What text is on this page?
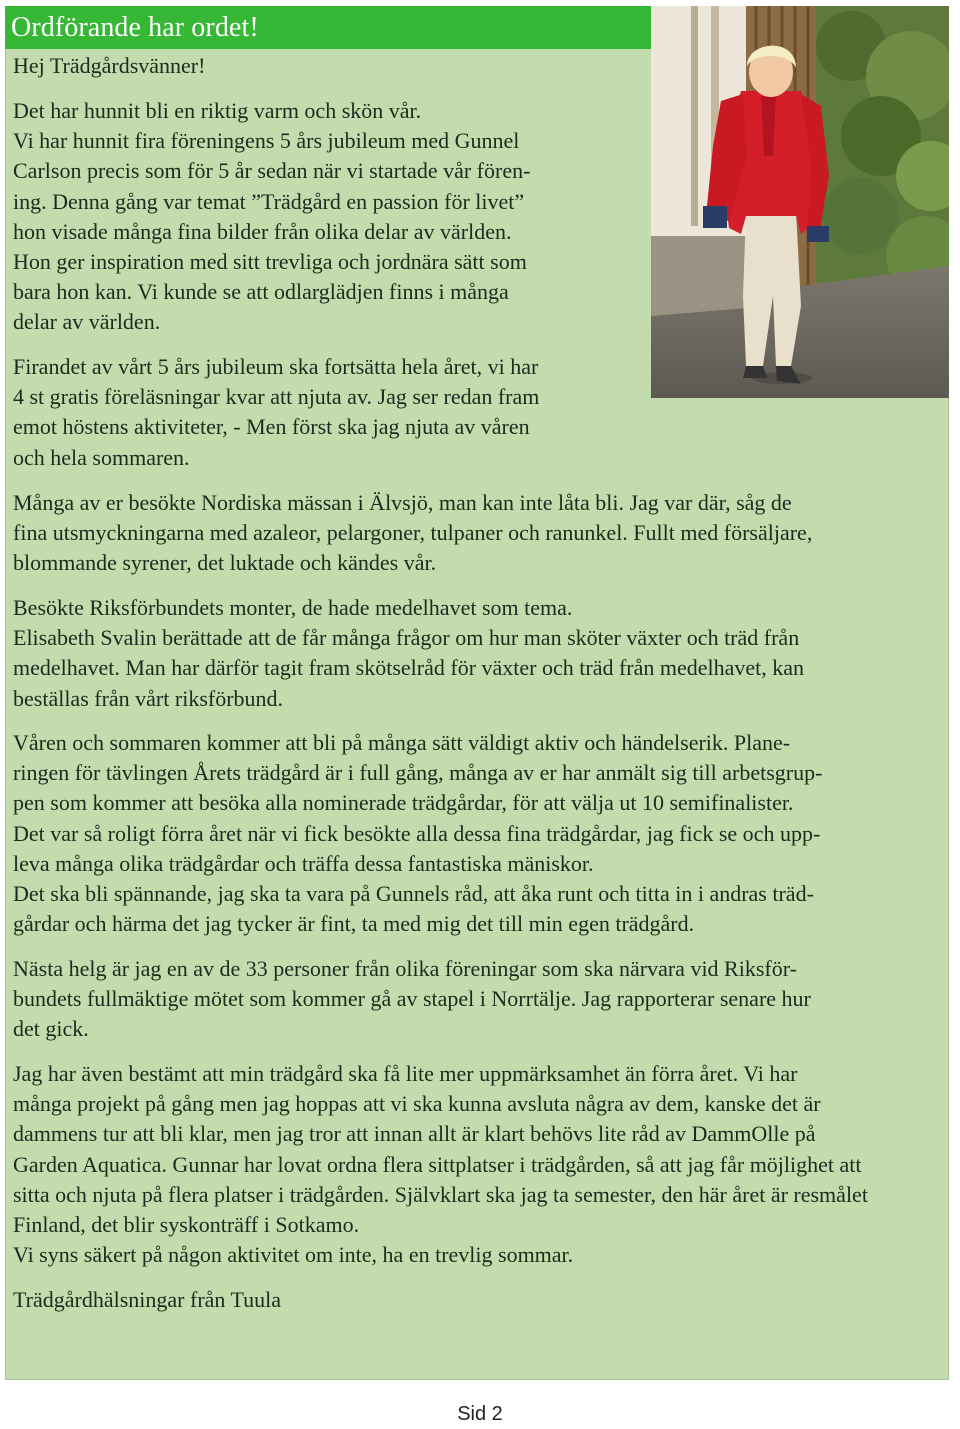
Ordförande har ordet!

Hej Trädgårdsvänner!

Det har hunnit bli en riktig varm och skön vår.
Vi har hunnit fira föreningens 5 års jubileum med Gunnel
Carlson precis som för 5 år sedan när vi startade vår fören-
ing. Denna gång var temat ”Trädgård en passion för livet”
hon visade många fina bilder från olika delar av världen.
Hon ger inspiration med sitt trevliga och jordnära sätt som
bara hon kan. Vi kunde se att odlarglädjen finns i många
delar av världen.

Firandet av vårt 5 års jubileum ska fortsätta hela året, vi har
4 st gratis föreläsningar kvar att njuta av. Jag ser redan fram
emot höstens aktiviteter, - Men först ska jag njuta av våren
och hela sommaren.

Många av er besökte Nordiska mässan i Älvsjö, man kan inte låta bli. Jag var där, såg de
fina utsmyckningarna med azaleor, pelargoner, tulpaner och ranunkel. Fullt med försäljare,
blommande syrener, det luktade och kändes vår.

Besökte Riksförbundets monter, de hade medelhavet som tema.
Elisabeth Svalin berättade att de får många frågor om hur man sköter växter och träd från
medelhavet. Man har därför tagit fram skötselråd för växter och träd från medelhavet, kan
beställas från vårt riksförbund.

Våren och sommaren kommer att bli på många sätt väldigt aktiv och händelserik. Plane-
ringen för tävlingen Årets trädgård är i full gång, många av er har anmält sig till arbetsgrup-
pen som kommer att besöka alla nominerade trädgårdar, för att välja ut 10 semifinalister.
Det var så roligt förra året när vi fick besökte alla dessa fina trädgårdar, jag fick se och upp-
leva många olika trädgårdar och träffa dessa fantastiska mäniskor.
Det ska bli spännande, jag ska ta vara på Gunnels råd, att åka runt och titta in i andras träd-
gårdar och härma det jag tycker är fint, ta med mig det till min egen trädgård.

Nästa helg är jag en av de 33 personer från olika föreningar som ska närvara vid Riksför-
bundets fullmäktige mötet som kommer gå av stapel i Norrtälje. Jag rapporterar senare hur
det gick.

Jag har även bestämt att min trädgård ska få lite mer uppmärksamhet än förra året. Vi har
många projekt på gång men jag hoppas att vi ska kunna avsluta några av dem, kanske det är
dammens tur att bli klar, men jag tror att innan allt är klart behövs lite råd av DammOlle på
Garden Aquatica. Gunnar har lovat ordna flera sittplatser i trädgården, så att jag får möjlighet att
sitta och njuta på flera platser i trädgården. Självklart ska jag ta semester, den här året är resmålet
Finland, det blir syskonträff i Sotkamo.
Vi syns säkert på någon aktivitet om inte, ha en trevlig sommar.

Trädgårdhälsningar från Tuula

Sid 2
